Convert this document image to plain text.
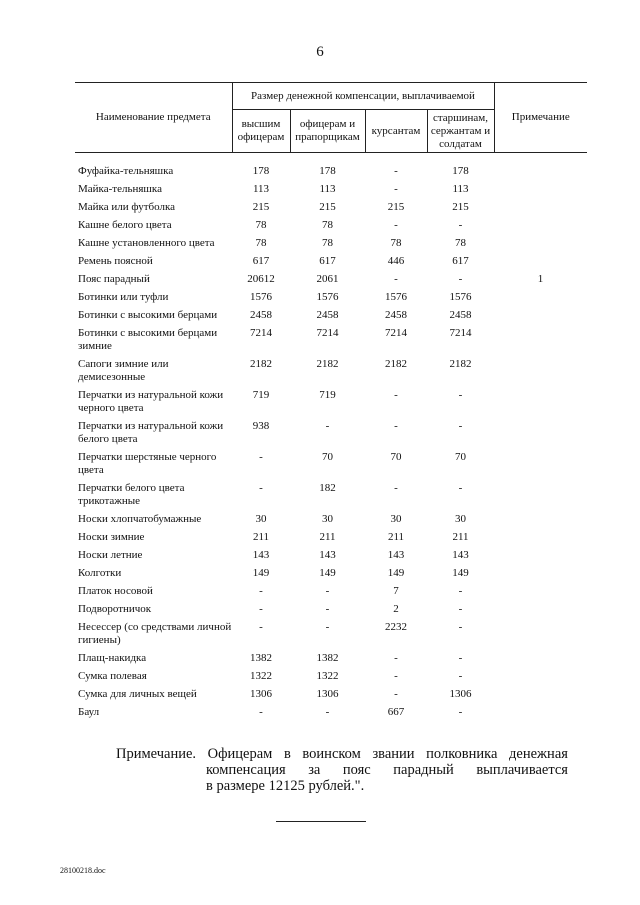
6
Наименование предмета	Размер денежной компенсации, выплачиваемой				Примечание
	высшим офицерам	офицерам и прапорщикам	курсантам	старшинам, сержантам и солдатам	
Фуфайка-тельняшка	178	178	-	178	
Майка-тельняшка	113	113	-	113	
Майка или футболка	215	215	215	215	
Кашне белого цвета	78	78	-	-	
Кашне установленного цвета	78	78	78	78	
Ремень поясной	617	617	446	617	
Пояс парадный	20612	2061	-	-	1
Ботинки или туфли	1576	1576	1576	1576	
Ботинки с высокими берцами	2458	2458	2458	2458	
Ботинки с высокими берцами зимние	7214	7214	7214	7214	
Сапоги зимние или демисезонные	2182	2182	2182	2182	
Перчатки из натуральной кожи черного цвета	719	719	-	-	
Перчатки из натуральной кожи белого цвета	938	-	-	-	
Перчатки шерстяные черного цвета	-	70	70	70	
Перчатки белого цвета трикотажные	-	182	-	-	
Носки хлопчатобумажные	30	30	30	30	
Носки зимние	211	211	211	211	
Носки летние	143	143	143	143	
Колготки	149	149	149	149	
Платок носовой	-	-	7	-	
Подворотничок	-	-	2	-	
Несессер (со средствами личной гигиены)	-	-	2232	-	
Плащ-накидка	1382	1382	-	-	
Сумка полевая	1322	1322	-	-	
Сумка для личных вещей	1306	1306	-	1306	
Баул	-	-	667	-	
Примечание. Офицерам в воинском звании полковника денежная
компенсация за пояс парадный выплачивается
в размере 12125 рублей.".
28100218.doc
